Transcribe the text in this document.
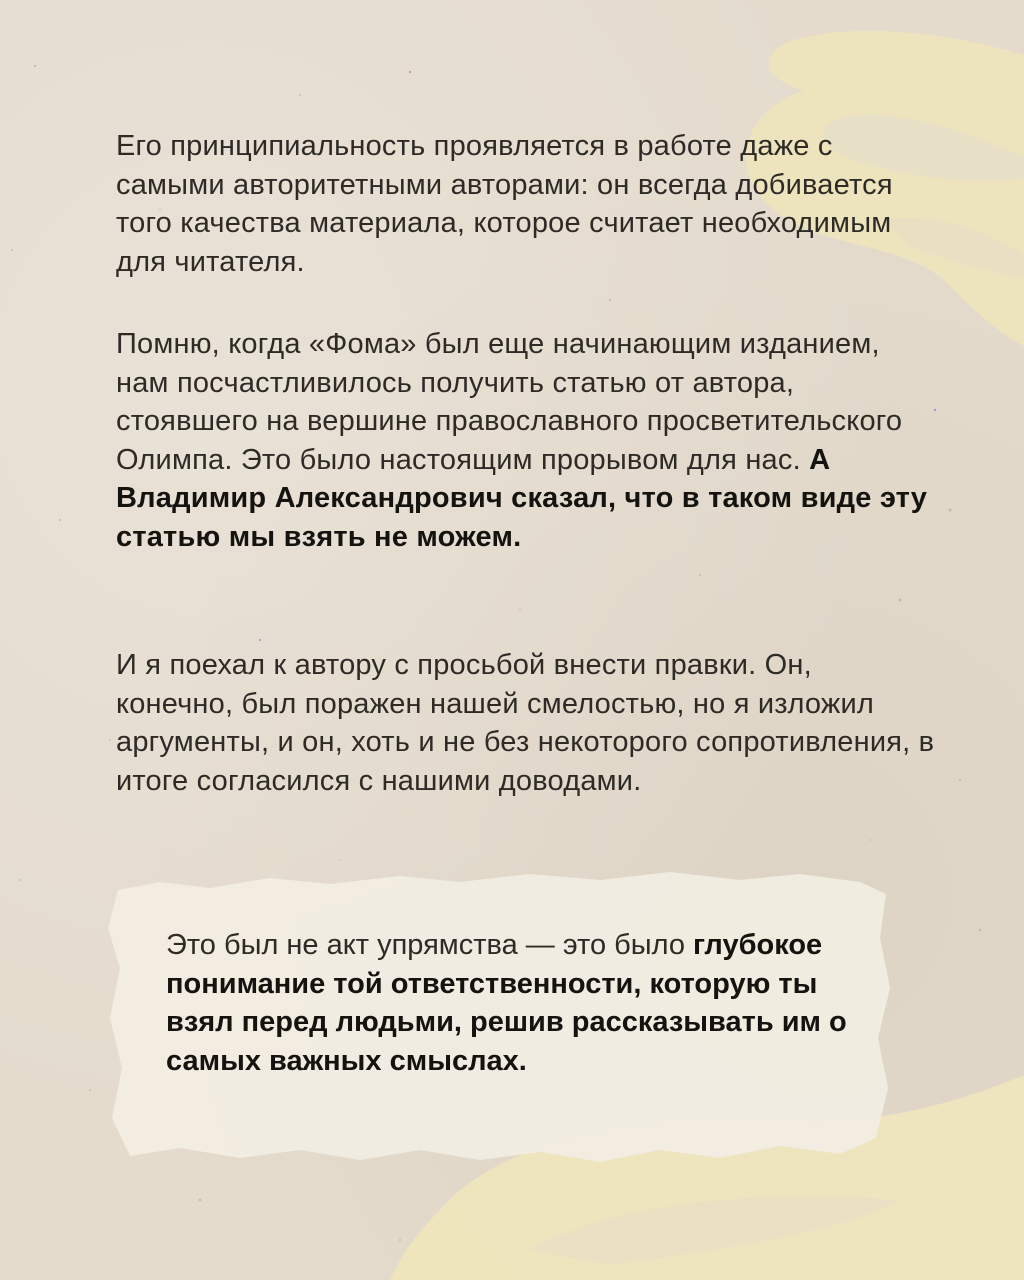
Его принципиальность проявляется в работе даже с самыми авторитетными авторами: он всегда добивается того качества материала, которое считает необходимым для читателя.

Помню, когда «Фома» был еще начинающим изданием, нам посчастливилось получить статью от автора, стоявшего на вершине православного просветительского Олимпа. Это было настоящим прорывом для нас. А Владимир Александрович сказал, что в таком виде эту статью мы взять не можем.

И я поехал к автору с просьбой внести правки. Он, конечно, был поражен нашей смелостью, но я изложил аргументы, и он, хоть и не без некоторого сопротивления, в итоге согласился с нашими доводами.

Это был не акт упрямства — это было глубокое понимание той ответственности, которую ты взял перед людьми, решив рассказывать им о самых важных смыслах.
